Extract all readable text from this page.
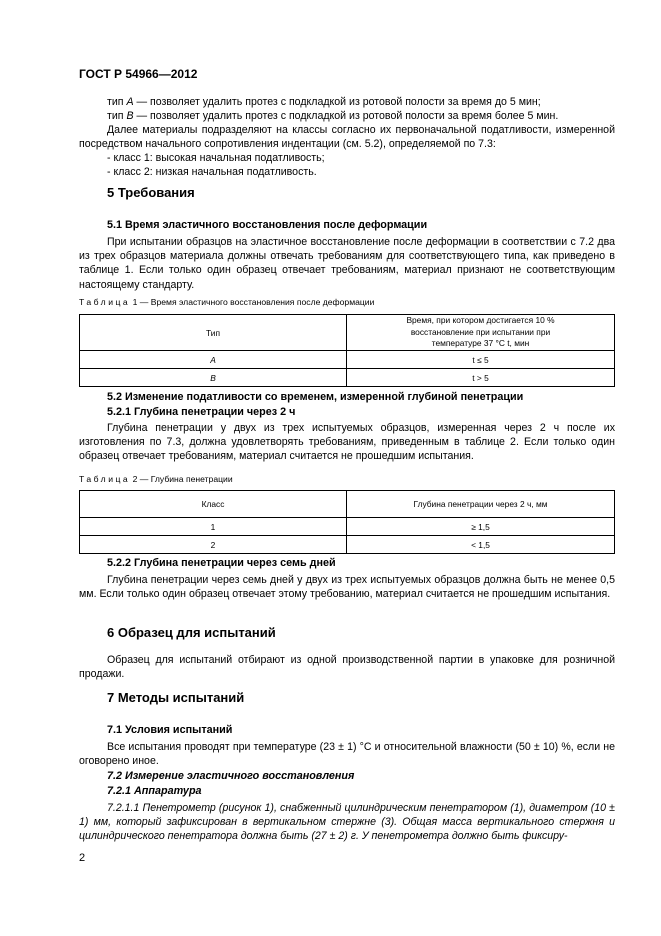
ГОСТ Р 54966—2012
тип A — позволяет удалить протез с подкладкой из ротовой полости за время до 5 мин;
тип B — позволяет удалить протез с подкладкой из ротовой полости за время более 5 мин.
Далее материалы подразделяют на классы согласно их первоначальной податливости, измеренной посредством начального сопротивления индентации (см. 5.2), определяемой по 7.3:
- класс 1: высокая начальная податливость;
- класс 2: низкая начальная податливость.
5 Требования
5.1 Время эластичного восстановления после деформации
При испытании образцов на эластичное восстановление после деформации в соответствии с 7.2 два из трех образцов материала должны отвечать требованиям для соответствующего типа, как приведено в таблице 1. Если только один образец отвечает требованиям, материал признают не соответствующим настоящему стандарту.
Таблица 1 — Время эластичного восстановления после деформации
Тип	Время, при котором достигается 10 % восстановление при испытании при температуре 37 °С t, мин

A	t ≤ 5
B	t > 5
5.2 Изменение податливости со временем, измеренной глубиной пенетрации
5.2.1 Глубина пенетрации через 2 ч
Глубина пенетрации у двух из трех испытуемых образцов, измеренная через 2 ч после их изготовления по 7.3, должна удовлетворять требованиям, приведенным в таблице 2. Если только один образец отвечает требованиям, материал считается не прошедшим испытания.
Таблица 2 — Глубина пенетрации
Класс	Глубина пенетрации через 2 ч, мм
1	≥ 1,5
2	< 1,5
5.2.2 Глубина пенетрации через семь дней
Глубина пенетрации через семь дней у двух из трех испытуемых образцов должна быть не менее 0,5 мм. Если только один образец отвечает этому требованию, материал считается не прошедшим испытания.
6 Образец для испытаний
Образец для испытаний отбирают из одной производственной партии в упаковке для розничной продажи.
7 Методы испытаний
7.1 Условия испытаний
Все испытания проводят при температуре (23 ± 1) °С и относительной влажности (50 ± 10) %, если не оговорено иное.
7.2 Измерение эластичного восстановления
7.2.1 Аппаратура
7.2.1.1 Пенетрометр (рисунок 1), снабженный цилиндрическим пенетратором (1), диаметром (10 ± 1) мм, который зафиксирован в вертикальном стержне (3). Общая масса вертикального стержня и цилиндрического пенетратора должна быть (27 ± 2) г. У пенетрометра должно быть фиксиру-
2
